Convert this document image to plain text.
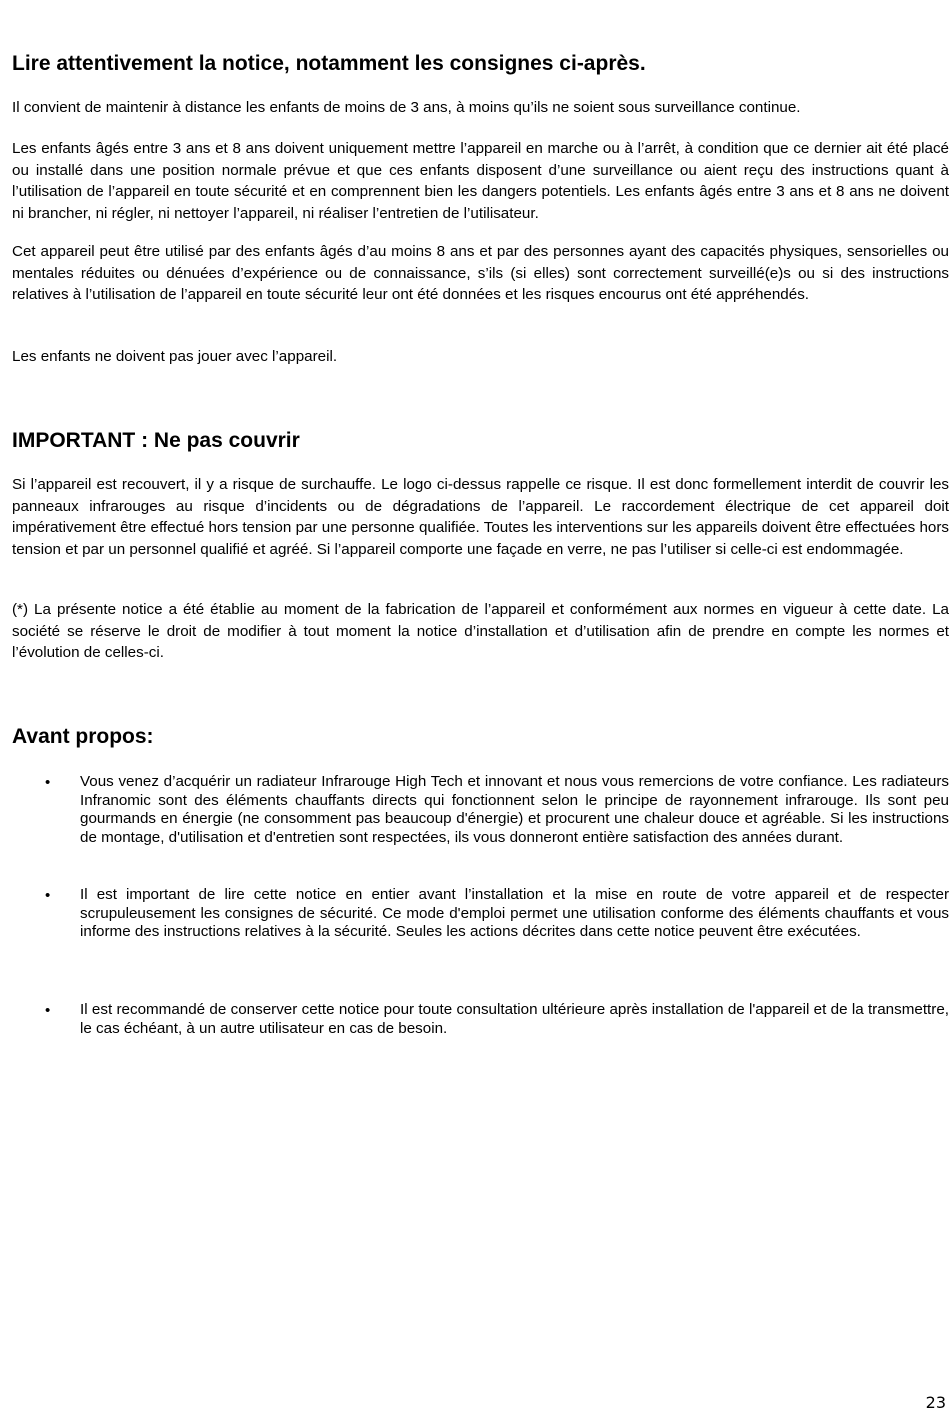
Lire attentivement la notice, notamment les consignes ci-après.

Il convient de maintenir à distance les enfants de moins de 3 ans, à moins qu’ils ne soient sous surveillance continue.

Les enfants âgés entre 3 ans et 8 ans doivent uniquement mettre l’appareil en marche ou à l’arrêt, à condition que ce dernier ait été placé ou installé dans une position normale prévue et que ces enfants disposent d’une surveillance ou aient reçu des instructions quant à l’utilisation de l’appareil en toute sécurité et en comprennent bien les dangers potentiels. Les enfants âgés entre 3 ans et 8 ans ne doivent ni brancher, ni régler, ni nettoyer l’appareil, ni réaliser l’entretien de l’utilisateur.

Cet appareil peut être utilisé par des enfants âgés d’au moins 8 ans et par des personnes ayant des capacités physiques, sensorielles ou mentales réduites ou dénuées d’expérience ou de connaissance, s’ils (si elles) sont correctement surveillé(e)s ou si des instructions relatives à l’utilisation de l’appareil en toute sécurité leur ont été données et les risques encourus ont été appréhendés.

Les enfants ne doivent pas jouer avec l’appareil.

IMPORTANT : Ne pas couvrir

Si l’appareil est recouvert, il y a risque de surchauffe. Le logo ci-dessus rappelle ce risque. Il est donc formellement interdit de couvrir les panneaux infrarouges au risque d’incidents ou de dégradations de l’appareil. Le raccordement électrique de cet appareil doit impérativement être effectué hors tension par une personne qualifiée. Toutes les interventions sur les appareils doivent être effectuées hors tension et par un personnel qualifié et agréé. Si l’appareil comporte une façade en verre, ne pas l’utiliser si celle-ci est endommagée.

(*) La présente notice a été établie au moment de la fabrication de l’appareil et conformément aux normes en vigueur à cette date. La société se réserve le droit de modifier à tout moment la notice d’installation et d’utilisation afin de prendre en compte les normes et l’évolution de celles-ci.

Avant propos:
• Vous venez d’acquérir un radiateur Infrarouge High Tech et innovant et nous vous remercions de votre confiance. Les radiateurs Infranomic sont des éléments chauffants directs qui fonctionnent selon le principe de rayonnement infrarouge. Ils sont peu gourmands en énergie (ne consomment pas beaucoup d'énergie) et procurent une chaleur douce et agréable. Si les instructions de montage, d'utilisation et d'entretien sont respectées, ils vous donneront entière satisfaction des années durant.
• Il est important de lire cette notice en entier avant l’installation et la mise en route de votre appareil et de respecter scrupuleusement les consignes de sécurité. Ce mode d'emploi permet une utilisation conforme des éléments chauffants et vous informe des instructions relatives à la sécurité. Seules les actions décrites dans cette notice peuvent être exécutées.
• Il est recommandé de conserver cette notice pour toute consultation ultérieure après installation de l'appareil et de la transmettre, le cas échéant, à un autre utilisateur en cas de besoin.
23
